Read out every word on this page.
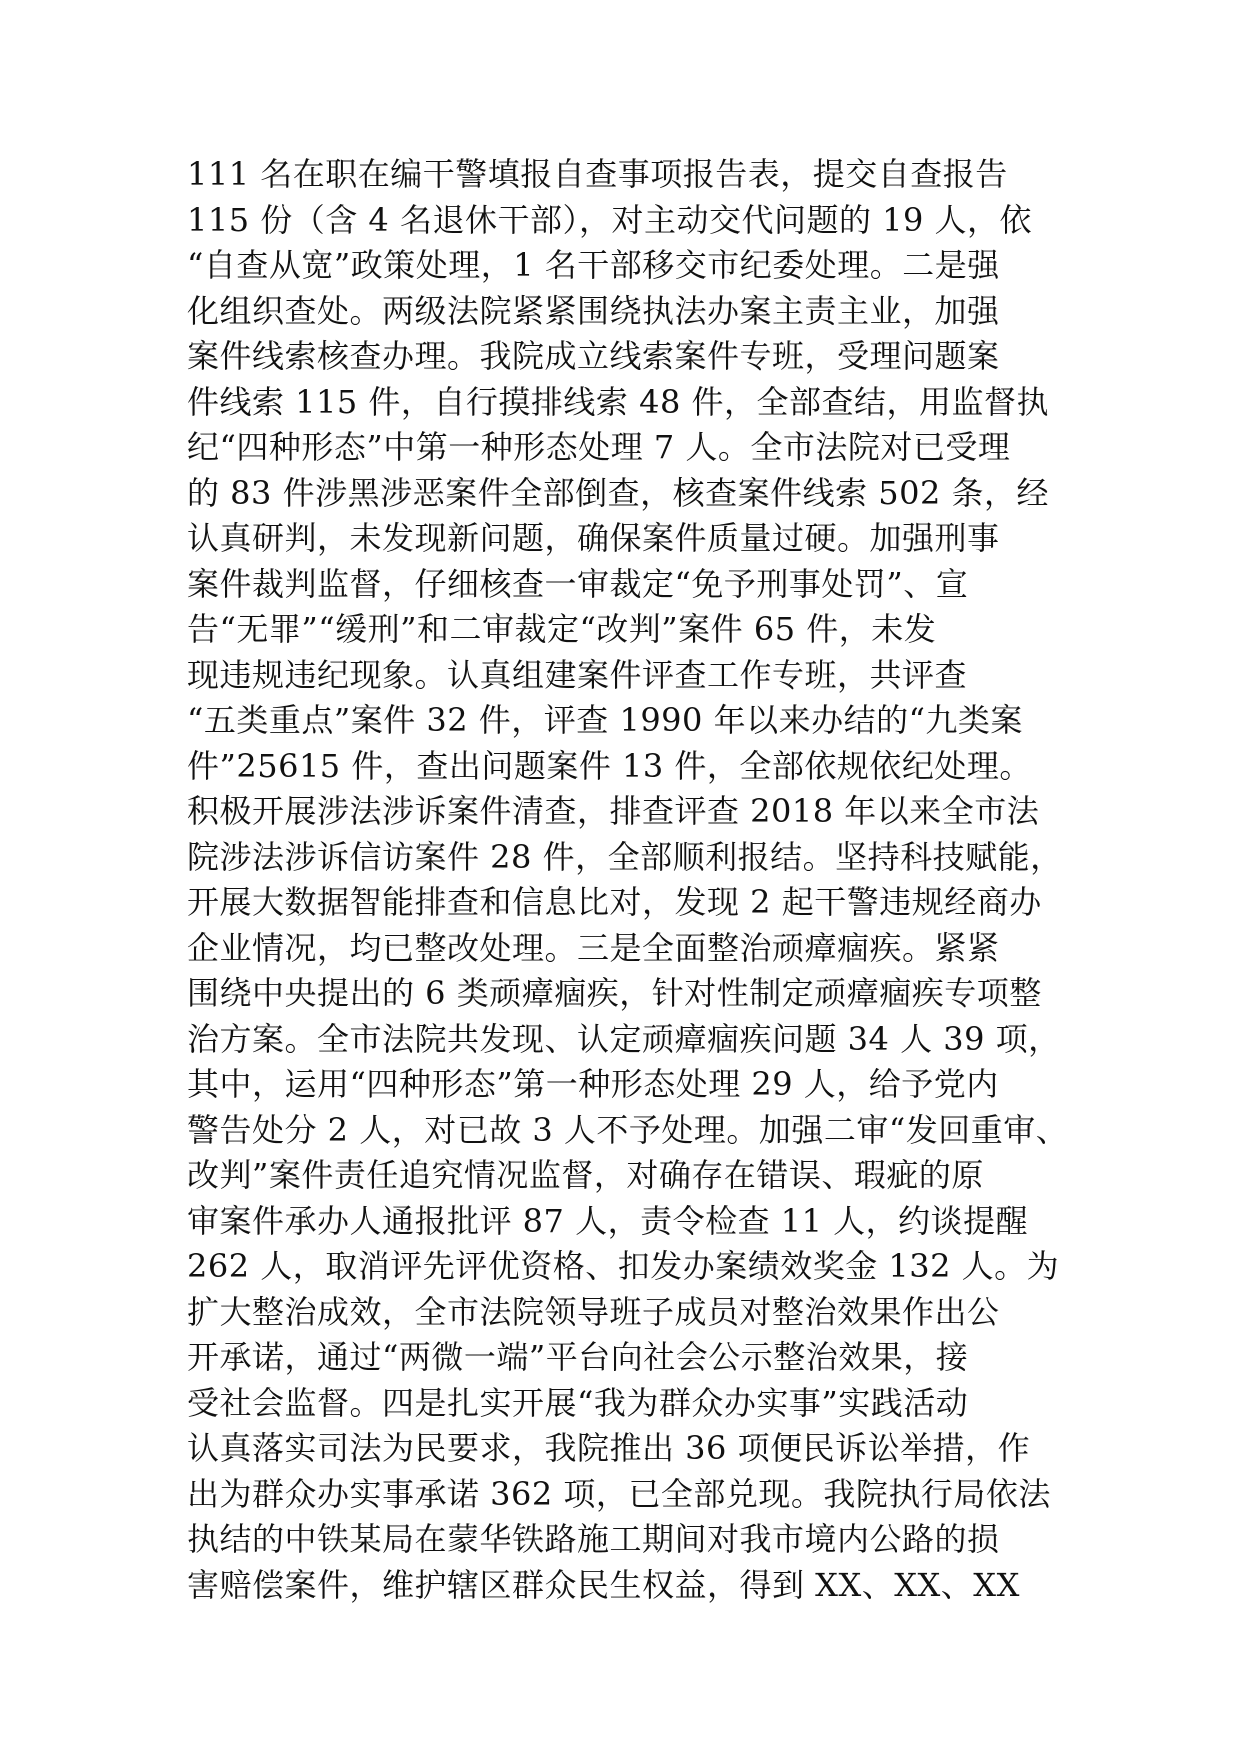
111 名在职在编干警填报自查事项报告表，提交自查报告
115 份（含 4 名退休干部），对主动交代问题的 19 人，依
“自查从宽”政策处理，1 名干部移交市纪委处理。二是强
化组织查处。两级法院紧紧围绕执法办案主责主业，加强
案件线索核查办理。我院成立线索案件专班，受理问题案
件线索 115 件，自行摸排线索 48 件，全部查结，用监督执
纪“四种形态”中第一种形态处理 7 人。全市法院对已受理
的 83 件涉黑涉恶案件全部倒查，核查案件线索 502 条，经
认真研判，未发现新问题，确保案件质量过硬。加强刑事
案件裁判监督，仔细核查一审裁定“免予刑事处罚”、宣
告“无罪”“缓刑”和二审裁定“改判”案件 65 件，未发
现违规违纪现象。认真组建案件评查工作专班，共评查
“五类重点”案件 32 件，评查 1990 年以来办结的“九类案
件”25615 件，查出问题案件 13 件，全部依规依纪处理。
积极开展涉法涉诉案件清查，排查评查 2018 年以来全市法
院涉法涉诉信访案件 28 件，全部顺利报结。坚持科技赋能，
开展大数据智能排查和信息比对，发现 2 起干警违规经商办
企业情况，均已整改处理。三是全面整治顽瘴痼疾。紧紧
围绕中央提出的 6 类顽瘴痼疾，针对性制定顽瘴痼疾专项整
治方案。全市法院共发现、认定顽瘴痼疾问题 34 人 39 项，
其中，运用“四种形态”第一种形态处理 29 人，给予党内
警告处分 2 人，对已故 3 人不予处理。加强二审“发回重审、
改判”案件责任追究情况监督，对确存在错误、瑕疵的原
审案件承办人通报批评 87 人，责令检查 11 人，约谈提醒
262 人，取消评先评优资格、扣发办案绩效奖金 132 人。为
扩大整治成效，全市法院领导班子成员对整治效果作出公
开承诺，通过“两微一端”平台向社会公示整治效果，接
受社会监督。四是扎实开展“我为群众办实事”实践活动
认真落实司法为民要求，我院推出 36 项便民诉讼举措，作
出为群众办实事承诺 362 项，已全部兑现。我院执行局依法
执结的中铁某局在蒙华铁路施工期间对我市境内公路的损
害赔偿案件，维护辖区群众民生权益，得到 XX、XX、XX
